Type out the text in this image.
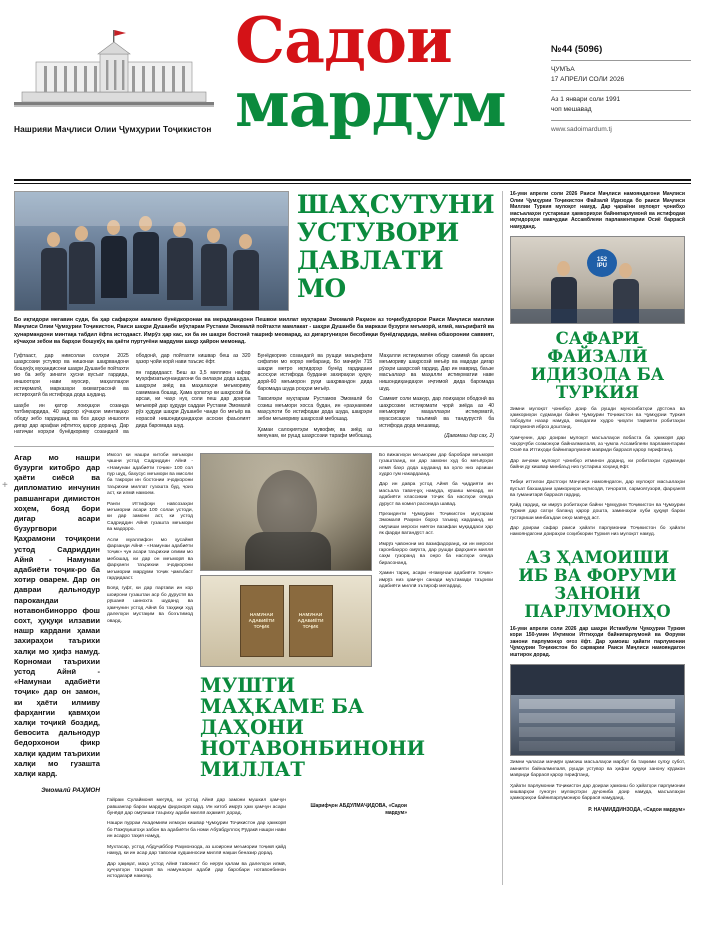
Нашрияи Маҷлиси Олии Ҷумҳурии Тоҷикистон
Садои
мардум
№44 (5096)
ҶУМЪА
17 АПРЕЛИ СОЛИ 2026
Аз 1 январи соли 1991
чоп мешавад
www.sadoimardum.tj
ШАҲСУТУНИ УСТУВОРИ ДАВЛАТИ МО
Бо иқтидори мегавин суди, ба ҳар сафарҳои амалию бунёдкоронаи ва мерадмандони Пешвои миллат муҳтарам Эмомалӣ Раҳмон аз тоҷикбудхорои Раиси Маҷлиси миллии Маҷлиси Олии Ҷумҳурии Тоҷикистон, Раиси шаҳри Душанбе мӯҳтарам Рустами Эмомалӣ пойтахти мамлакат - шаҳри Душанбе ба маркази бузурги меъморӣ, илмӣ, маърифатӣ ва ҳунармандони минтақа табдил ёфта истодааст. Имрӯз ҳар кас, ки ба ин шаҳри бостонӣ ташриф меоварад, аз дигаргуниҳои бесобиқаи бунёдгардида, миёна обшоронии саввият, кӯчаҳои зебои ва барҳои бошукӯҳ ва ҳаёти пуртуғёни мардуми шаҳр ҳайрон мемонад.

Гуфтааст, дар нимсолаи солҳои 2025 шаҳрсозии устувор ва нишонаи шаҳрвандони бошукӯҳ муҳандисони шаҳри Душанбе пойтахти мо ба зебу зинати ҳусни вусъат гардида, иншоотҳои нави муосир, маҳаллаҳои истиқоматӣ, марказҳои хизматрасонӣ ва истироҳатӣ ба истифода дода шуданд.

шаҳбе ин қатор лоиҳаҳои созанда татбиқгардида, 40 адрсор кӯчаҳои минтақаҳо ободу зебо гардиданд ва боз даҳҳо иншооти дигар дар арафаи ифтитоҳ қарор доранд. Дар натиҷаи корҳои бунёдкориву созандагӣ ва ободонӣ, дар пойтахти кишвар беш аз 320 ҳазор ҷойи корӣ нави таъсис ёфт.

ян гардидааст. Беш аз 3,5 миллион нафар муҳофизатькунандагони ба оилаҳои дода шуда, шаҳрҳои зиёд ва маҳалаҳои меъмориву самимана бошад. Ҳама ҳолатҳо ки шаҳрсозӣ ба арсаи, ки чаҳо нуҳ соли пеш дар доираи меъморӣ дар ҳудуди саддаи Рустами Эмомалӣ рӯз ҳудуди шаҳри Душанбе чанде бо меъёр ва норасоӣ нишондиҳандаҳои асосии фаъолият дида баромада шуд.

Бунёдкорию созандагӣ ва рушди маърифати сифатии мо корҳо мебаранд. Бо маҷмӯи 715 шаҳри метро иқтидорҳо бунёд гардидани асосҳои истифода бурдани захираҳои ҳуқуқ-дорӣ-60 меъморон руҳи шаҳрвандон дида баромада шуда роҳҳои меъёр.

Тавсияҳои муҳтарам Рустамов Эмомалӣ бо созиш меъмори хосса будан, ин «раҳнамоии маҳсулоти бо истифодаи дода шуда, шаҳрҳои зебои меъмориву шаҳрсозӣ мебошад.

Ҳамаи салоҳиятҳои мувофиқ ва зиёд аз мекунам, ки рушд шаҳрсозии тарафи мебошад. Маҳалли истиқоматии ободу самимӣ ба арсаи меъмориву шаҳрсозӣ меъёр ва мадоди дигар рӯзҳои шаҳрсозӣ гардид. Дар ин маврид, баъзе масъалаҳо ва маҳалли истиқоматии наве нишондиҳандаҳои иҷтимоӣ дида баромада шуд.

Саммит соли мазкур, дар лоиҳаҳои ободонӣ ва шаҳрсозии истиқомати ҷорӣ зиёда аз 40 меъмориву маҳаллаҳои истиқоматӣ, муассисаҳои таълимӣ ва тандурустӣ ба истифода дода мешавад.

(Давомаш дар саҳ. 2)

Агар мо нашри бузурги китобро дар ҳаёти сиёсӣ ва дипломатию инчунин равшангари димистон хоҳем, бояд бори дигар асари бузургвори Қаҳрамони тоҷиқони устод Садриддин Айнӣ - Намунаи адабиёти тоҷик-ро ба хотир оварем. Дар он давраи дальнодур парокандаи нотавонбинорро фош сохт, ҳуқуқи илзавии нашр кардани ҳамаи захираҳои таърихи халқи мо ҳифз намуд. Корномаи таърихии устод Айнӣ - «Намунаи адабиёти тоҷик» дар он замон, ки ҳаёти илмиву фарҳангии қавмҳои халқи тоҷикӣ боздид, бевосита дальнодур бедорхонои фикр халқи қадим таърихии халқи мо гузашта халқи кард.
Эмомалӣ РАҲМОН

Имсол ки нашри китоби меъмори ҷашни устод Садриддин Айнӣ - «Намунаи адабиёти тоҷик» 100 сол пур шуд, бахусус меъмори ва мисоли ба такрори ин бостонии эҷодкорони таърихии миллат гузошта буд, ҷоиз аст, ки илмӣ намоем.

Ранги Иттифоқи навсозаҳои меъмории асари 100 солаи устоди, ки дар замони аст, ки устод Садриддин Айнӣ гузашта меъмори ва мадорро.

Асли муаллифон мо ҳусайнӣ фарзанди Айнӣ - «Намунаи адабиёти тоҷик» чун асари таърихии олими мо мебошад, ки дар он меъморӣ ва фарҳанги таърихии эҷодкорони меъмории мардуми тоҷик ҷамъбаст гардидааст.

Бояд гуфт, ки дар партави ин кор шоирони гузаштаи аср бо дурустӣ ва рӯшанӣ шинохта шуданд ва ҳамчунин устод Айнӣ бо таҳқиқи худ далелҳои мустақим ва боэътимод овард.

НАМУНАИ АДАБИЁТИ ТОҶИК
НАМУНАИ АДАБИЁТИ ТОҶИК
МУШТИ МАҲКАМЕ БА ДАҲОНИ НОТАВОНБИНОНИ МИЛЛАТ

Бо вижагиҳои меъмории дар баробари меъморӣ гузаштаанд, ки дар замони худ бо меъёрҳои илмӣ баҳо дода шудаанд ва ҳоло низ арзиши худро гум накардаанд.

Дар ин давра устод Айнӣ ба ҷиддияти ин масъала таваҷҷуҳ намуда, кӯшиш мекард, ки адабиёти классикии тоҷик ба наслҳои оянда дуруст ва комил расонида шавад.

Президенти Ҷумҳурии Тоҷикистон муҳтарам Эмомалӣ Раҳмон борҳо таъкид кардаанд, ки омӯзиши мероси ниёгон вазифаи муқаддаси ҳар як фарди ватандӯст аст.

Имрӯз ҷавонони мо вазифадоранд, ки ин мероси гаронбаҳоро омӯхта, дар рушди фарҳанги миллӣ саҳм гузоранд ва онро ба наслҳои оянда бирасонанд.

Ҳамин тариқ, асари «Намунаи адабиёти тоҷик» имрӯз низ ҳамчун санади муътамади таърихи адабиёти миллӣ эътироф мегардад.

Гайрам Сулаймонӣ мегӯяд, ки устод Айнӣ дар замони мушкил ҳамчун равшангар барои мардум фидокорӣ кард. Ин китоб имрӯз ҳам ҳамчун асари бунёдӣ дар омӯзиши таъриху адаби миллӣ аҳамият дорад.

Нашри пурраи Академияи илмҳои кишвар Ҷумҳурии Тоҷикистон дар ҳамкорӣ бо Пажӯҳишгоҳи забон ва адабиёти ба номи Абӯабдуллоҳ Рӯдакӣ нашри нави ин асарро таҳия намуд.

Мухтасар, устод Абдуҷаббор Раҳмонзода, аз шоирони меъмории тоҷикӣ қайд намуд, ки ин асар дар тавсеаи худшиносии миллӣ нақши беназир дорад.

Дар ҳақиқат, маҳз устод Айнӣ тавонист бо нерӯи қалам ва далелҳои илмӣ, ҳуҷҷатҳои таърихӣ ва намунаҳои адабӣ дар баробари нотавонбинон истодагарӣ намояд.

Шарифҷон АБДУЛМАҶИДОВА, «Садои мардум»
16-уми апрели соли 2026 Раиси Маҷлиси намояндагони Маҷлиси Олии Ҷумҳурии Тоҷикистон Файзалӣ Идизода бо раиси Маҷлиси Миллии Туркия мулоқот намуд. Дар ҷараёни мулоқот ҷонибҳо масъалаҳои густариши ҳамкориҳои байнипарлумонӣ ва истифодаи иқтидорҳои мавҷудаи Ассамблеяи парламентарии Осиё баррасӣ намуданд.
152
IPU
САФАРИ ФАЙЗАЛӢ ИДИЗОДА БА ТУРКИЯ

Зимни мулоқот ҷонибҳо доир ба рушди муносибатҳои дӯстона ва ҳамкориҳои судманди байни Ҷумҳурии Тоҷикистон ва Ҷумҳурии Туркия табодули назар намуда, омодагии худро ҷиҳати тақвияти робитаҳои парлумонӣ иброз доштанд.

Ҳамчунин, дар доираи мулоқот масъалаҳои вобаста ба ҳамкорӣ дар чаҳорчӯби созмонҳои байналмилалӣ, аз ҷумла Ассамблеяи парламентарии Осиё ва Иттиҳоди байнипарлумонӣ мавриди баррасӣ қарор гирифтанд.

Дар анҷоми мулоқот ҷонибҳо итминон доданд, ки робитаҳои судманди байни ду кишвар минбаъд низ густариш хоҳанд ёфт.

Тибқи иттилои Дастгоҳи Маҷлиси намояндагон, дар мулоқот масъалаҳои вусъат бахшидани ҳамкориҳои иқтисодӣ, тиҷоратӣ, сармоягузорӣ, фарҳангӣ ва гуманитарӣ баррасӣ гардид.

Қайд гардид, ки имрӯз робитаҳои байни Ҷумҳурии Тоҷикистон ва Ҷумҳурии Туркия дар сатҳи баланд қарор дошта, заминаҳои хуби ҳуқуқӣ барои густариши минбаъдаи онҳо мавҷуд аст.

Дар доираи сафар раиси ҳайати парлумонии Тоҷикистон бо ҳайати намояндагони доираҳои соҳибкории Туркия низ мулоқот намуд.

АЗ ҲАМОИШИ ИБ ВА ФОРУМИ ЗАНОНИ ПАРЛУМОНҲО
16-уми апрели соли 2026 дар шаҳри Истамбули Ҷумҳурии Туркия кори 150-умин Иҷтимои Иттиҳоди байнипарлумонӣ ва Форуми занони парлумонҳо оғоз ёфт. Дар ҳамоиш ҳайати парлумонии Ҷумҳурии Тоҷикистон бо сарварии Раиси Маҷлиси намояндагон иштирок дорад.

Зимни ҷаласаи маҷмӯи ҳамоиш масъалаҳои марбут ба таҳкими сулҳу субот, амнияти байналмилалӣ, рушди устувор ва ҳифзи ҳуқуқи занону кӯдакон мавриди баррасӣ қарор гирифтанд.

Ҳайати парлумонии Тоҷикистон дар доираи ҳамоиш бо ҳайатҳои парлумонии кишварҳои гуногун мулоқотҳои дуҷониба доир намуда, масъалаҳои ҳамкориҳои байнипарлумониро баррасӣ намуданд.

Р. НАҶМИДДИНЗОДА, «Садои мардум»
+
